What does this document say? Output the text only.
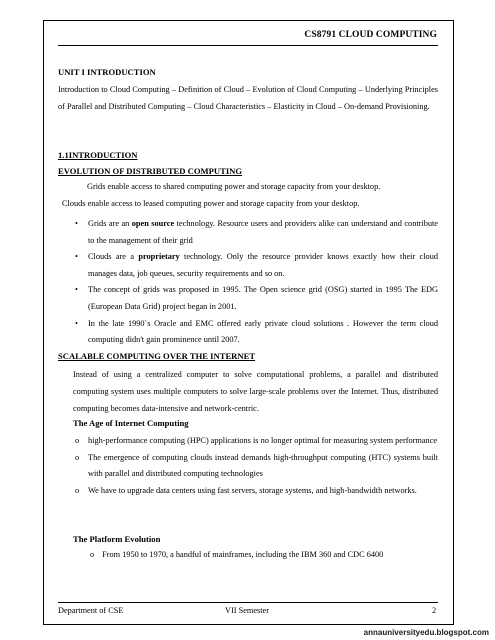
CS8791 CLOUD COMPUTING
UNIT I INTRODUCTION
Introduction to Cloud Computing – Definition of Cloud – Evolution of Cloud Computing – Underlying Principles of Parallel and Distributed Computing – Cloud Characteristics – Elasticity in Cloud – On-demand Provisioning.
1.1INTRODUCTION
EVOLUTION OF DISTRIBUTED COMPUTING
Grids enable access to shared computing power and storage capacity from your desktop.
Clouds enable access to leased computing power and storage capacity from your desktop.
• Grids are an open source technology. Resource users and providers alike can understand and contribute to the management of their grid
• Clouds are a proprietary technology. Only the resource provider knows exactly how their cloud manages data, job queues, security requirements and so on.
• The concept of grids was proposed in 1995. The Open science grid (OSG) started in 1995 The EDG (European Data Grid) project began in 2001.
• In the late 1990`s Oracle and EMC offered early private cloud solutions . However the term cloud computing didn't gain prominence until 2007.
SCALABLE COMPUTING OVER THE INTERNET
Instead of using a centralized computer to solve computational problems, a parallel and distributed computing system uses multiple computers to solve large-scale problems over the Internet. Thus, distributed computing becomes data-intensive and network-centric.
The Age of Internet Computing
o high-performance computing (HPC) applications is no longer optimal for measuring system performance
o The emergence of computing clouds instead demands high-throughput computing (HTC) systems built with parallel and distributed computing technologies
o We have to upgrade data centers using fast servers, storage systems, and high-bandwidth networks.
The Platform Evolution
o From 1950 to 1970, a handful of mainframes, including the IBM 360 and CDC 6400
Department of CSE	VII Semester	2
annauniversityedu.blogspot.com
